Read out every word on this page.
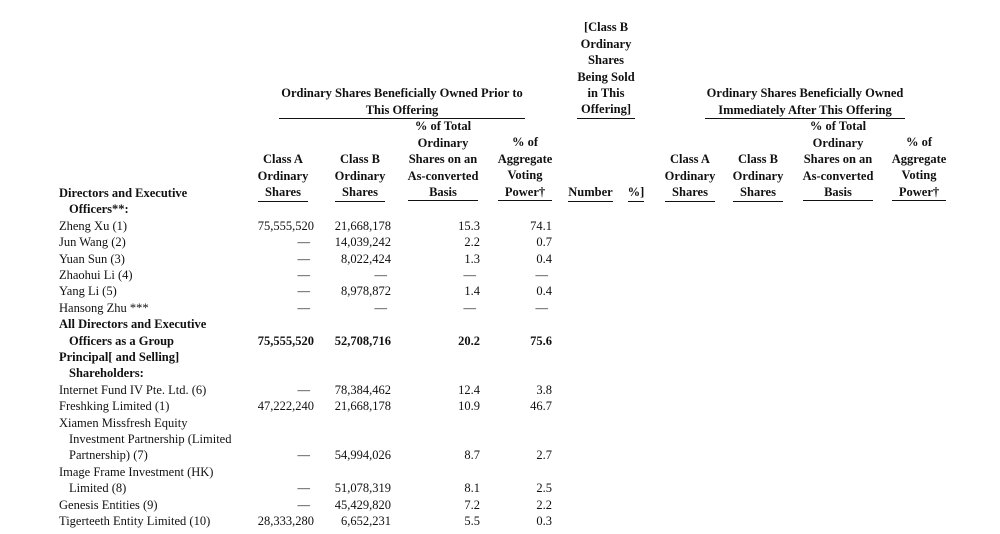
Ordinary Shares Beneficially Owned Prior to
This Offering

[Class B
Ordinary
Shares
Being Sold
in This
Offering]

Ordinary Shares Beneficially Owned
Immediately After This Offering

Class A
Ordinary
Shares

Class B
Ordinary
Shares

% of Total
Ordinary
Shares on an
As-converted
Basis

% of
Aggregate
Voting
Power†	Number	%]

Class A
Ordinary
Shares

Class B
Ordinary
Shares

% of Total
Ordinary
Shares on an
As-converted
Basis

% of
Aggregate
Voting
Power†

Directors and Executive
Officers**:
Zheng Xu (1)	75,555,520 21,668,178	15.3	74.1
Jun Wang (2)	— 14,039,242	2.2	0.7
Yuan Sun (3)	— 8,022,424	1.3	0.4
Zhaohui Li (4)	—	—	—	—
Yang Li (5)	— 8,978,872	1.4	0.4
Hansong Zhu ***	—	—	—	—
All Directors and Executive
Officers as a Group	75,555,520 52,708,716	20.2	75.6
Principal[ and Selling]
Shareholders:
Internet Fund IV Pte. Ltd. (6)	— 78,384,462	12.4	3.8
Freshking Limited (1)	47,222,240 21,668,178	10.9	46.7
Xiamen Missfresh Equity
Investment Partnership (Limited
Partnership) (7)	— 54,994,026	8.7	2.7
Image Frame Investment (HK)
Limited (8)	— 51,078,319	8.1	2.5
Genesis Entities (9)	— 45,429,820	7.2	2.2
Tigerteeth Entity Limited (10)	28,333,280 6,652,231	5.5	0.3
